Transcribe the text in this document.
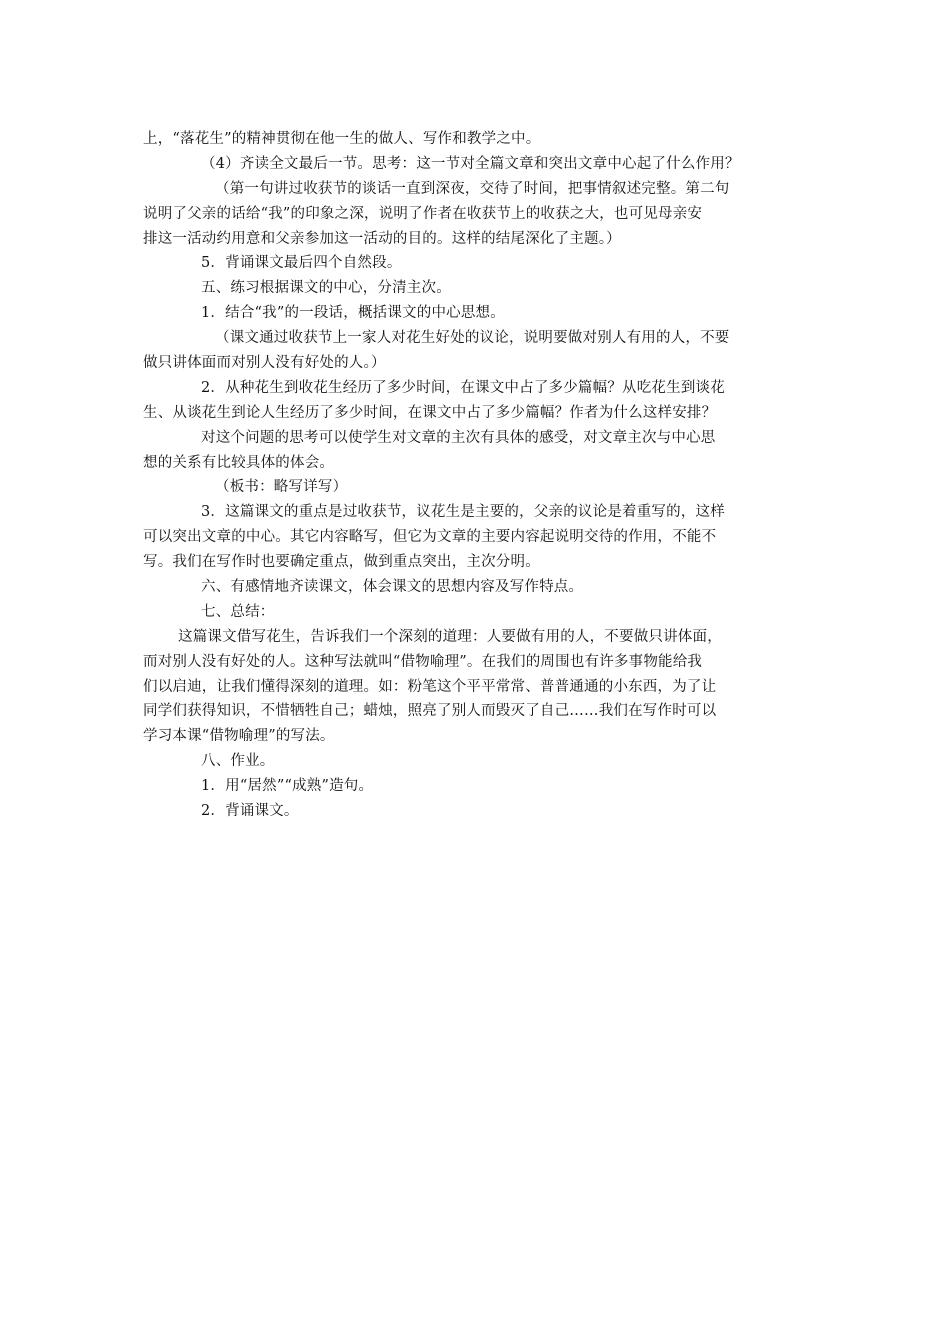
上，“落花生”的精神贯彻在他一生的做人、写作和教学之中。
（4）齐读全文最后一节。思考：这一节对全篇文章和突出文章中心起了什么作用？
（第一句讲过收获节的谈话一直到深夜，交待了时间，把事情叙述完整。第二句
说明了父亲的话给“我”的印象之深，说明了作者在收获节上的收获之大，也可见母亲安
排这一活动约用意和父亲参加这一活动的目的。这样的结尾深化了主题。）
5．背诵课文最后四个自然段。
五、练习根据课文的中心，分清主次。
1．结合“我”的一段话，概括课文的中心思想。
（课文通过收获节上一家人对花生好处的议论，说明要做对别人有用的人，不要
做只讲体面而对别人没有好处的人。）
2．从种花生到收花生经历了多少时间，在课文中占了多少篇幅？从吃花生到谈花
生、从谈花生到论人生经历了多少时间，在课文中占了多少篇幅？作者为什么这样安排？
对这个问题的思考可以使学生对文章的主次有具体的感受，对文章主次与中心思
想的关系有比较具体的体会。
（板书：略写详写）
3．这篇课文的重点是过收获节，议花生是主要的，父亲的议论是着重写的，这样
可以突出文章的中心。其它内容略写，但它为文章的主要内容起说明交待的作用，不能不
写。我们在写作时也要确定重点，做到重点突出，主次分明。
六、有感情地齐读课文，体会课文的思想内容及写作特点。
七、总结：
这篇课文借写花生，告诉我们一个深刻的道理：人要做有用的人，不要做只讲体面，
而对别人没有好处的人。这种写法就叫“借物喻理”。在我们的周围也有许多事物能给我
们以启迪，让我们懂得深刻的道理。如：粉笔这个平平常常、普普通通的小东西，为了让
同学们获得知识，不惜牺牲自己；蜡烛，照亮了别人而毁灭了自己……我们在写作时可以
学习本课“借物喻理”的写法。
八、作业。
1．用“居然”“成熟”造句。
2．背诵课文。
